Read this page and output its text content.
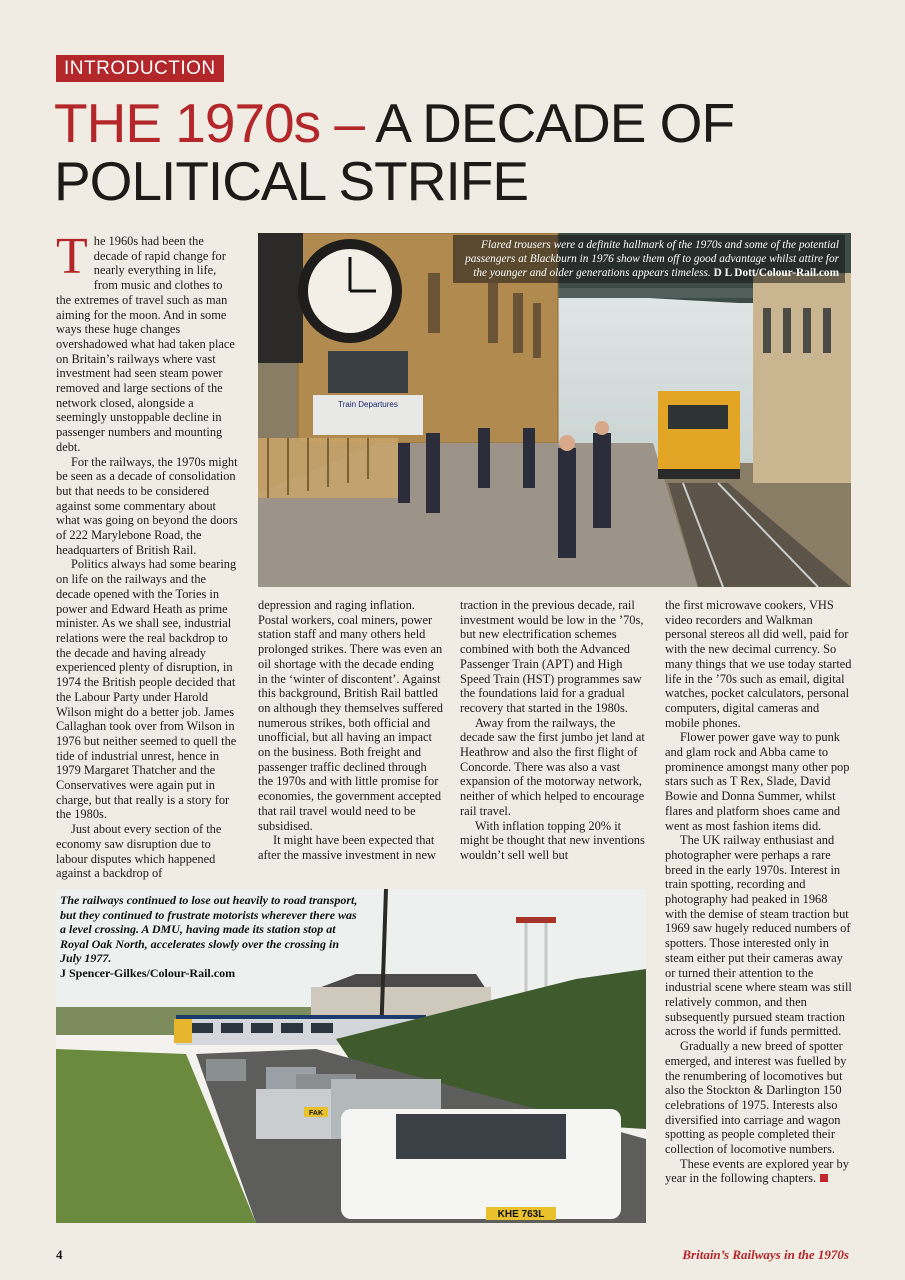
INTRODUCTION
THE 1970s – A DECADE OF POLITICAL STRIFE

The 1960s had been the decade of rapid change for nearly everything in life, from music and clothes to the extremes of travel such as man aiming for the moon. And in some ways these huge changes overshadowed what had taken place on Britain’s railways where vast investment had seen steam power removed and large sections of the network closed, alongside a seemingly unstoppable decline in passenger numbers and mounting debt.

For the railways, the 1970s might be seen as a decade of consolidation but that needs to be considered against some commentary about what was going on beyond the doors of 222 Marylebone Road, the headquarters of British Rail.

Politics always had some bearing on life on the railways and the decade opened with the Tories in power and Edward Heath as prime minister. As we shall see, industrial relations were the real backdrop to the decade and having already experienced plenty of disruption, in 1974 the British people decided that the Labour Party under Harold Wilson might do a better job. James Callaghan took over from Wilson in 1976 but neither seemed to quell the tide of industrial unrest, hence in 1979 Margaret Thatcher and the Conservatives were again put in charge, but that really is a story for the 1980s.

Just about every section of the economy saw disruption due to labour disputes which happened against a backdrop of

Train Departures
Flared trousers were a definite hallmark of the 1970s and some of the potential passengers at Blackburn in 1976 show them off to good advantage whilst attire for the younger and older generations appears timeless. D L Dott/Colour-Rail.com

depression and raging inflation. Postal workers, coal miners, power station staff and many others held prolonged strikes. There was even an oil shortage with the decade ending in the ‘winter of discontent’. Against this background, British Rail battled on although they themselves suffered numerous strikes, both official and unofficial, but all having an impact on the business. Both freight and passenger traffic declined through the 1970s and with little promise for economies, the government accepted that rail travel would need to be subsidised.

It might have been expected that after the massive investment in new

traction in the previous decade, rail investment would be low in the ’70s, but new electrification schemes combined with both the Advanced Passenger Train (APT) and High Speed Train (HST) programmes saw the foundations laid for a gradual recovery that started in the 1980s.

Away from the railways, the decade saw the first jumbo jet land at Heathrow and also the first flight of Concorde. There was also a vast expansion of the motorway network, neither of which helped to encourage rail travel.

With inflation topping 20% it might be thought that new inventions wouldn’t sell well but

the first microwave cookers, VHS video recorders and Walkman personal stereos all did well, paid for with the new decimal currency. So many things that we use today started life in the ’70s such as email, digital watches, pocket calculators, personal computers, digital cameras and mobile phones.

Flower power gave way to punk and glam rock and Abba came to prominence amongst many other pop stars such as T Rex, Slade, David Bowie and Donna Summer, whilst flares and platform shoes came and went as most fashion items did.

The UK railway enthusiast and photographer were perhaps a rare breed in the early 1970s. Interest in train spotting, recording and photography had peaked in 1968 with the demise of steam traction but 1969 saw hugely reduced numbers of spotters. Those interested only in steam either put their cameras away or turned their attention to the industrial scene where steam was still relatively common, and then subsequently pursued steam traction across the world if funds permitted.

Gradually a new breed of spotter emerged, and interest was fuelled by the renumbering of locomotives but also the Stockton & Darlington 150 celebrations of 1975. Interests also diversified into carriage and wagon spotting as people completed their collection of locomotive numbers.

These events are explored year by year in the following chapters.

KHE 763L
FAK
The railways continued to lose out heavily to road transport, but they continued to frustrate motorists wherever there was a level crossing. A DMU, having made its station stop at Royal Oak North, accelerates slowly over the crossing in July 1977.
J Spencer-Gilkes/Colour-Rail.com
4	Britain’s Railways in the 1970s
